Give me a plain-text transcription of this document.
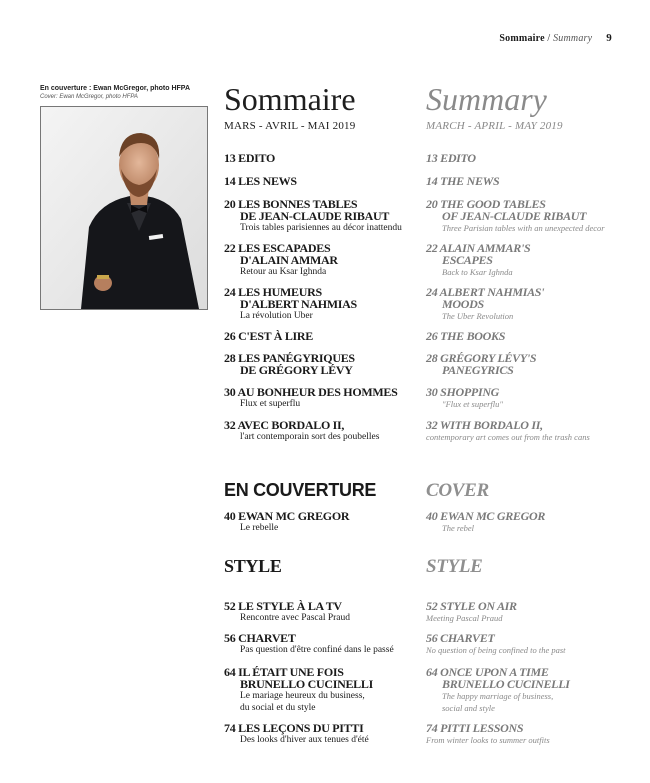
Sommaire / Summary 9
En couverture : Ewan McGregor, photo HFPA
Cover: Ewan McGregor, photo HFPA	Sommaire
MARS - AVRIL - MAI 2019
13 EDITO
14 LES NEWS
20 LES BONNES TABLES
DE JEAN-CLAUDE RIBAUT
Trois tables parisiennes au décor inattendu
22 LES ESCAPADES
D'ALAIN AMMAR
Retour au Ksar Ighnda
24 LES HUMEURS
D'ALBERT NAHMIAS
La révolution Uber
26 C'EST À LIRE
28 LES PANÉGYRIQUES
DE GRÉGORY LÉVY
30 AU BONHEUR DES HOMMES
Flux et superflu
32 AVEC BORDALO II,
l'art contemporain sort des poubelles
EN COUVERTURE
40 EWAN MC GREGOR
Le rebelle
STYLE
52 LE STYLE À LA TV
Rencontre avec Pascal Praud
56 CHARVET
Pas question d'être confiné dans le passé
64 IL ÉTAIT UNE FOIS
BRUNELLO CUCINELLI
Le mariage heureux du business,
du social et du style
74 LES LEÇONS DU PITTI
Des looks d'hiver aux tenues d'été
Summary
MARCH - APRIL - MAY 2019
13 EDITO
14 THE NEWS
20 THE GOOD TABLES
OF JEAN-CLAUDE RIBAUT
Three Parisian tables with an unexpected decor
22 ALAIN AMMAR'S
ESCAPES
Back to Ksar Ighnda
24 ALBERT NAHMIAS'
MOODS
The Uber Revolution
26 THE BOOKS
28 GRÉGORY LÉVY'S
PANEGYRICS
30 SHOPPING
"Flux et superflu"
32 WITH BORDALO II,
contemporary art comes out from the trash cans
COVER
40 EWAN MC GREGOR
The rebel
STYLE
52 STYLE ON AIR
Meeting Pascal Praud
56 CHARVET
No question of being confined to the past
64 ONCE UPON A TIME
BRUNELLO CUCINELLI
The happy marriage of business,
social and style
74 PITTI LESSONS
From winter looks to summer outfits
